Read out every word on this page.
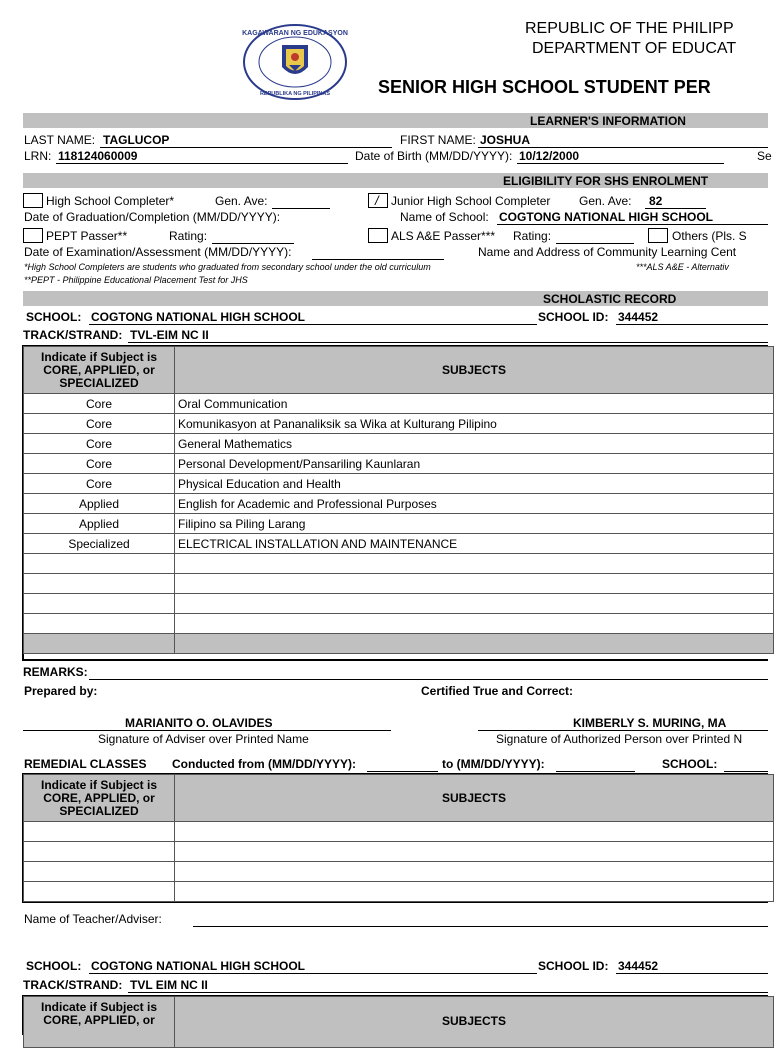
KAGAWARAN NG EDUKASYON
REPUBLIKA NG PILIPINAS
REPUBLIC OF THE PHILIPP
DEPARTMENT OF EDUCAT
SENIOR HIGH SCHOOL STUDENT PER
LEARNER'S INFORMATION
LAST NAME: TAGLUCOP	FIRST NAME: JOSHUA
LRN: 118124060009	Date of Birth (MM/DD/YYYY): 10/12/2000	Se
ELIGIBILITY FOR SHS ENROLMENT
High School Completer*	Gen. Ave:	/ Junior High School Completer Gen. Ave: 82
Date of Graduation/Completion (MM/DD/YYYY):	Name of School: COGTONG NATIONAL HIGH SCHOOL
PEPT Passer**	Rating:	ALS A&E Passer*** Rating:	Others (Pls. S
Date of Examination/Assessment (MM/DD/YYYY):	Name and Address of Community Learning Cent
*High School Completers are students who graduated from secondary school under the old curriculum	***ALS A&E - Alternativ
**PEPT - Philippine Educational Placement Test for JHS
SCHOLASTIC RECORD
SCHOOL: COGTONG NATIONAL HIGH SCHOOL	SCHOOL ID: 344452
TRACK/STRAND: TVL-EIM NC II
Indicate if Subject is CORE, APPLIED, or SPECIALIZED	SUBJECTS
Core	Oral Communication
Core	Komunikasyon at Pananaliksik sa Wika at Kulturang Pilipino
Core	General Mathematics
Core	Personal Development/Pansariling Kaunlaran
Core	Physical Education and Health
Applied	English for Academic and Professional Purposes
Applied	Filipino sa Piling Larang
Specialized	ELECTRICAL INSTALLATION AND MAINTENANCE

REMARKS:
Prepared by:	Certified True and Correct:
MARIANITO O. OLAVIDES
Signature of Adviser over Printed Name
KIMBERLY S. MURING, MA
Signature of Authorized Person over Printed N
REMEDIAL CLASSES Conducted from (MM/DD/YYYY):	to (MM/DD/YYYY):	SCHOOL:
Indicate if Subject is CORE, APPLIED, or SPECIALIZED	SUBJECTS

Name of Teacher/Adviser:
SCHOOL: COGTONG NATIONAL HIGH SCHOOL	SCHOOL ID: 344452
TRACK/STRAND: TVL EIM NC II
Indicate if Subject is CORE, APPLIED, or	SUBJECTS
